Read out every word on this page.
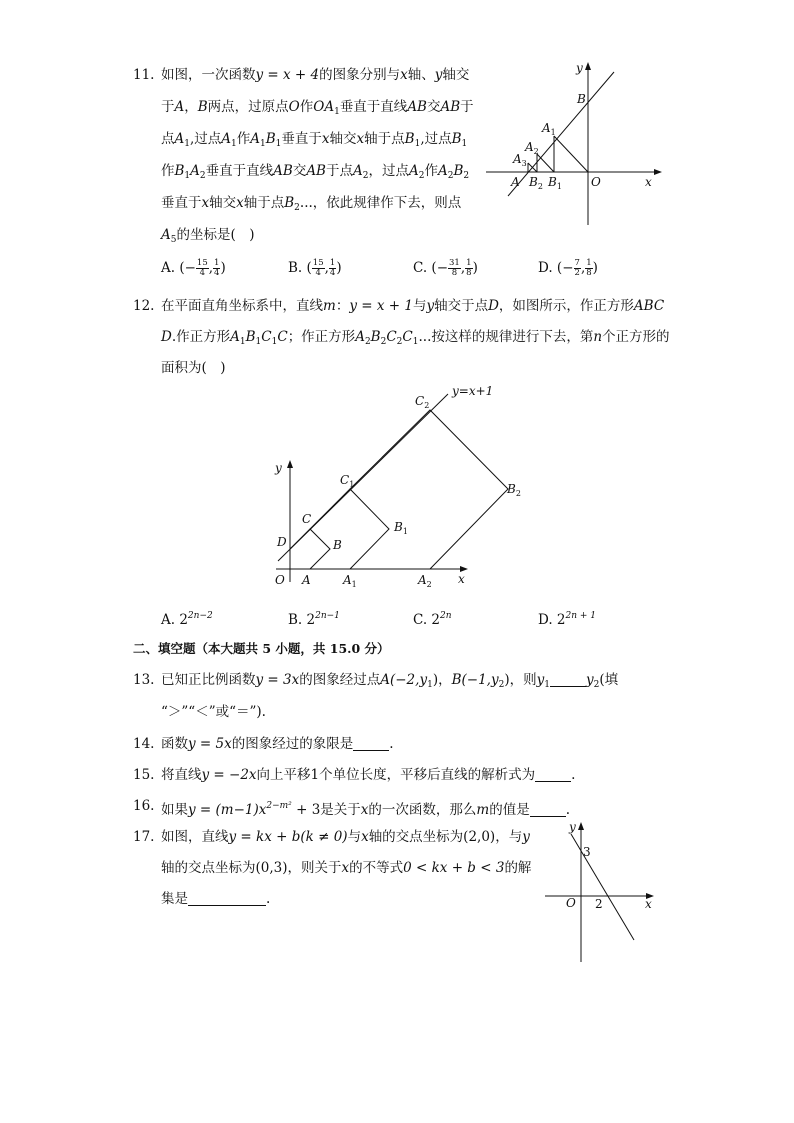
11. 如图，一次函数y = x + 4的图象分别与x轴、y轴交
于A，B两点，过原点O作$OA_1$垂直于直线AB交AB于
点$A_1$,过点$A_1$作$A_1B_1$垂直于x轴交x轴于点$B_1$,过点$B_1$
作$B_1A_2$垂直于直线AB交AB于点$A_2$，过点$A_2$作$A_2B_2$
垂直于x轴交x轴于点$B_2$...，依此规律作下去，则点
$A_5$的坐标是(　)
A. (− $\frac{15}{4}$ , $\frac{1}{4}$ )	B. ( $\frac{15}{4}$ , $\frac{1}{4}$ )	C. (− $\frac{31}{8}$ , $\frac{1}{8}$ )	D. (− $\frac{7}{2}$ , $\frac{1}{8}$ )
y
x
B
$A_1$
$A_2$
$A_3$
A $B_2$ $B_1$ O
12. 在平面直角坐标系中，直线m：y = x + 1与y轴交于点D，如图所示，作正方形ABC
D.作正方形$A_1B_1C_1C$；作正方形$A_2B_2C_2C_1$...按这样的规律进行下去，第n个正方形的
面积为(　)
y=x+1
y
x
O A	$A_1$	$A_2$
B
$B_1$
$B_2$
C
$C_1$
$C_2$
D
A. $2^{2n-2}$	B. $2^{2n-1}$	C. $2^{2n}$	D. $2^{2n + 1}$
二、填空题（本大题共 5 小题，共 15.0 分）
13. 已知正比例函数y = 3x的图象经过点$A(-2,y_1)$，$B(-1,y_2)$，则$y_1$	$y_2$(填
“＞”“＜”或“＝”).
14. 函数y = 5x的图象经过的象限是	.
15. 将直线y = −2x向上平移1个单位长度，平移后直线的解析式为	.
16. 如果$y = (m-1)x^{2-m^2} + 3$是关于x的一次函数，那么m的值是	.
17. 如图，直线y = kx + b(k ≠ 0)与x轴的交点坐标为(2,0)，与y
轴的交点坐标为(0,3)，则关于x的不等式0 < kx + b < 3的解
集是	.
y
x
O
3
2
